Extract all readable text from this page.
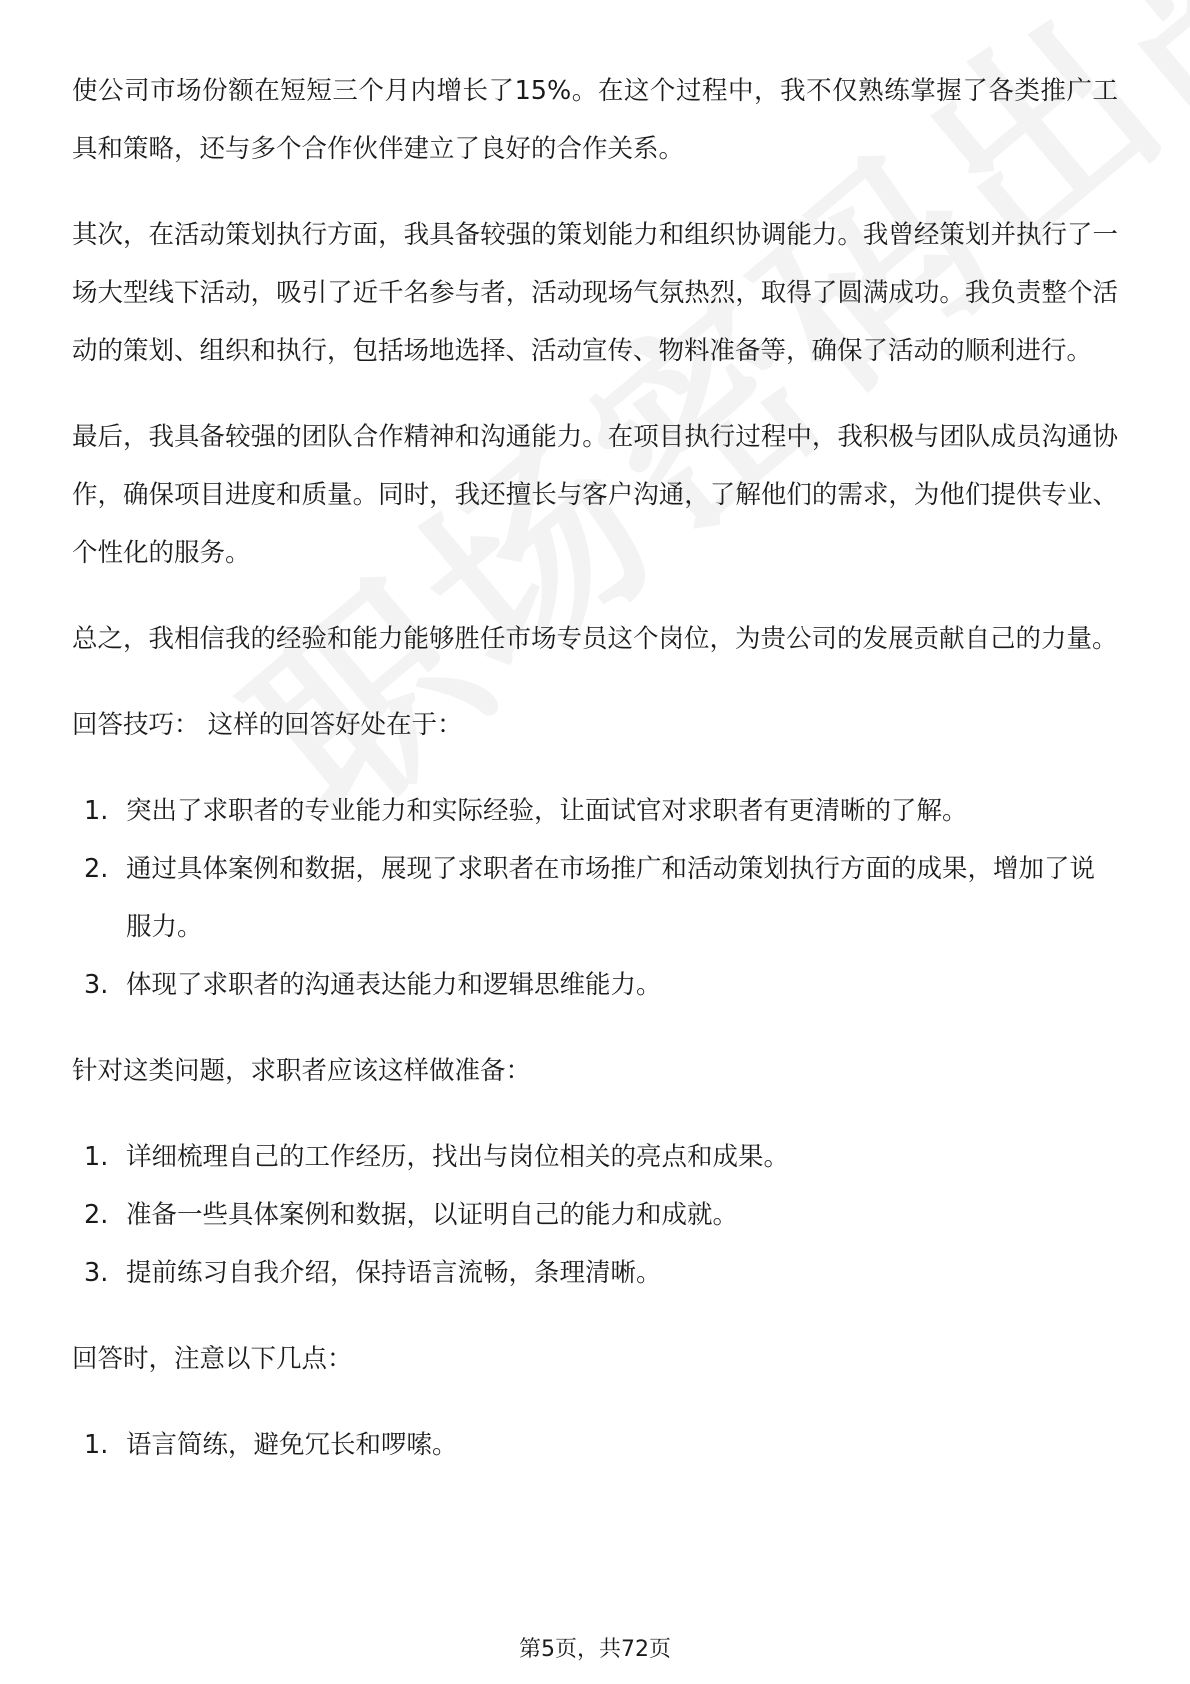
使公司市场份额在短短三个月内增长了15%。在这个过程中，我不仅熟练掌握了各类推广工具和策略，还与多个合作伙伴建立了良好的合作关系。

其次，在活动策划执行方面，我具备较强的策划能力和组织协调能力。我曾经策划并执行了一场大型线下活动，吸引了近千名参与者，活动现场气氛热烈，取得了圆满成功。我负责整个活动的策划、组织和执行，包括场地选择、活动宣传、物料准备等，确保了活动的顺利进行。

最后，我具备较强的团队合作精神和沟通能力。在项目执行过程中，我积极与团队成员沟通协作，确保项目进度和质量。同时，我还擅长与客户沟通，了解他们的需求，为他们提供专业、个性化的服务。

总之，我相信我的经验和能力能够胜任市场专员这个岗位，为贵公司的发展贡献自己的力量。

回答技巧： 这样的回答好处在于：

1. 突出了求职者的专业能力和实际经验，让面试官对求职者有更清晰的了解。
2. 通过具体案例和数据，展现了求职者在市场推广和活动策划执行方面的成果，增加了说服力。
3. 体现了求职者的沟通表达能力和逻辑思维能力。

针对这类问题，求职者应该这样做准备：

1. 详细梳理自己的工作经历，找出与岗位相关的亮点和成果。
2. 准备一些具体案例和数据，以证明自己的能力和成就。
3. 提前练习自我介绍，保持语言流畅，条理清晰。

回答时，注意以下几点：

1. 语言简练，避免冗长和啰嗦。
第5页，共72页
